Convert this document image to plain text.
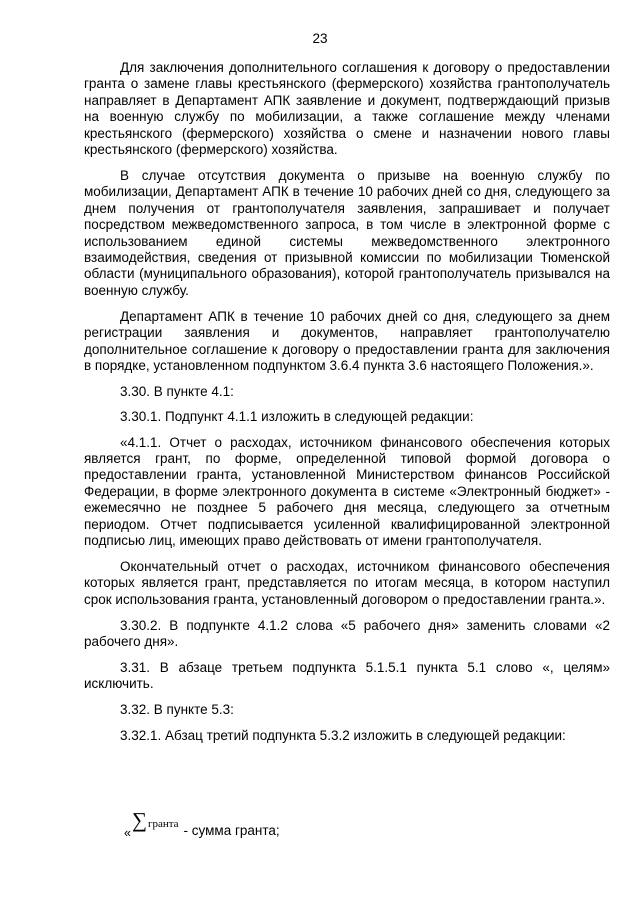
23

Для заключения дополнительного соглашения к договору о предоставлении гранта о замене главы крестьянского (фермерского) хозяйства грантополучатель направляет в Департамент АПК заявление и документ, подтверждающий призыв на военную службу по мобилизации, а также соглашение между членами крестьянского (фермерского) хозяйства о смене и назначении нового главы крестьянского (фермерского) хозяйства.

В случае отсутствия документа о призыве на военную службу по мобилизации, Департамент АПК в течение 10 рабочих дней со дня, следующего за днем получения от грантополучателя заявления, запрашивает и получает посредством межведомственного запроса, в том числе в электронной форме с использованием единой системы межведомственного электронного взаимодействия, сведения от призывной комиссии по мобилизации Тюменской области (муниципального образования), которой грантополучатель призывался на военную службу.

Департамент АПК в течение 10 рабочих дней со дня, следующего за днем регистрации заявления и документов, направляет грантополучателю дополнительное соглашение к договору о предоставлении гранта для заключения в порядке, установленном подпунктом 3.6.4 пункта 3.6 настоящего Положения.».

3.30. В пункте 4.1:

3.30.1. Подпункт 4.1.1 изложить в следующей редакции:

«4.1.1. Отчет о расходах, источником финансового обеспечения которых является грант, по форме, определенной типовой формой договора о предоставлении гранта, установленной Министерством финансов Российской Федерации, в форме электронного документа в системе «Электронный бюджет» - ежемесячно не позднее 5 рабочего дня месяца, следующего за отчетным периодом. Отчет подписывается усиленной квалифицированной электронной подписью лиц, имеющих право действовать от имени грантополучателя.

Окончательный отчет о расходах, источником финансового обеспечения которых является грант, представляется по итогам месяца, в котором наступил срок использования гранта, установленный договором о предоставлении гранта.».

3.30.2. В подпункте 4.1.2 слова «5 рабочего дня» заменить словами «2 рабочего дня».

3.31. В абзаце третьем подпункта 5.1.5.1 пункта 5.1 слово «, целям» исключить.

3.32. В пункте 5.3:

3.32.1. Абзац третий подпункта 5.3.2 изложить в следующей редакции:

«∑$^{гранта}$ - сумма гранта;
